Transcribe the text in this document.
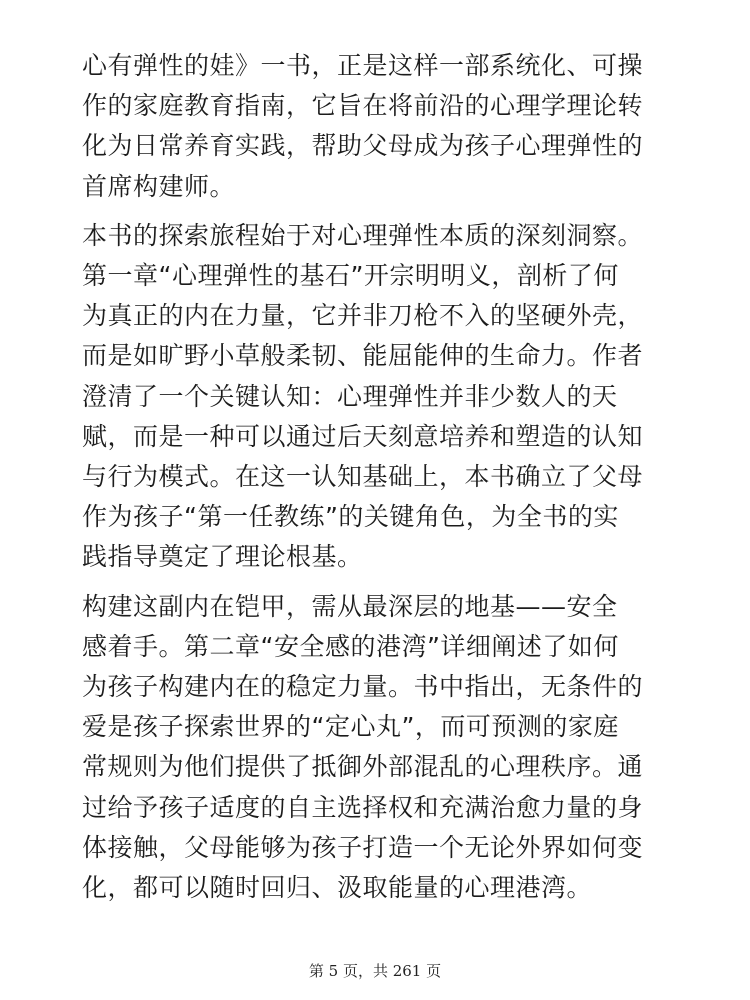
心有弹性的娃》一书，正是这样一部系统化、可操
作的家庭教育指南，它旨在将前沿的心理学理论转
化为日常养育实践，帮助父母成为孩子心理弹性的
首席构建师。

本书的探索旅程始于对心理弹性本质的深刻洞察。
第一章“心理弹性的基石”开宗明明义，剖析了何
为真正的内在力量，它并非刀枪不入的坚硬外壳，
而是如旷野小草般柔韧、能屈能伸的生命力。作者
澄清了一个关键认知：心理弹性并非少数人的天
赋，而是一种可以通过后天刻意培养和塑造的认知
与行为模式。在这一认知基础上，本书确立了父母
作为孩子“第一任教练”的关键角色，为全书的实
践指导奠定了理论根基。

构建这副内在铠甲，需从最深层的地基——安全
感着手。第二章“安全感的港湾”详细阐述了如何
为孩子构建内在的稳定力量。书中指出，无条件的
爱是孩子探索世界的“定心丸”，而可预测的家庭
常规则为他们提供了抵御外部混乱的心理秩序。通
过给予孩子适度的自主选择权和充满治愈力量的身
体接触，父母能够为孩子打造一个无论外界如何变
化，都可以随时回归、汲取能量的心理港湾。

第 5 页，共 261 页
